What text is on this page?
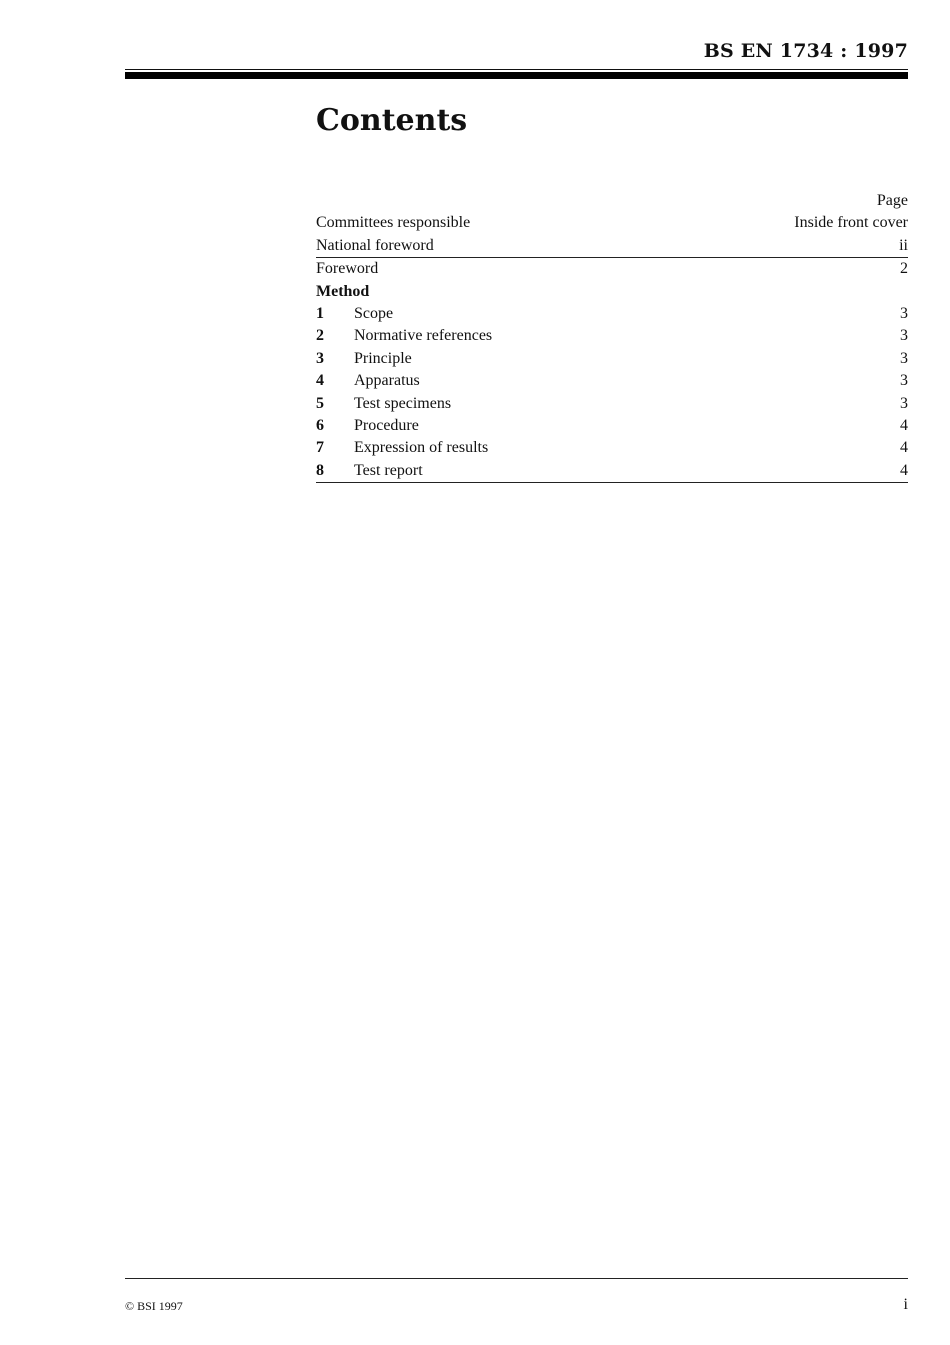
BS EN 1734 : 1997
Contents
Page
Committees responsible	Inside front cover
National foreword	ii
Foreword	2
Method
1	Scope	3
2	Normative references	3
3	Principle	3
4	Apparatus	3
5	Test specimens	3
6	Procedure	4
7	Expression of results	4
8	Test report	4
© BSI 1997	i
